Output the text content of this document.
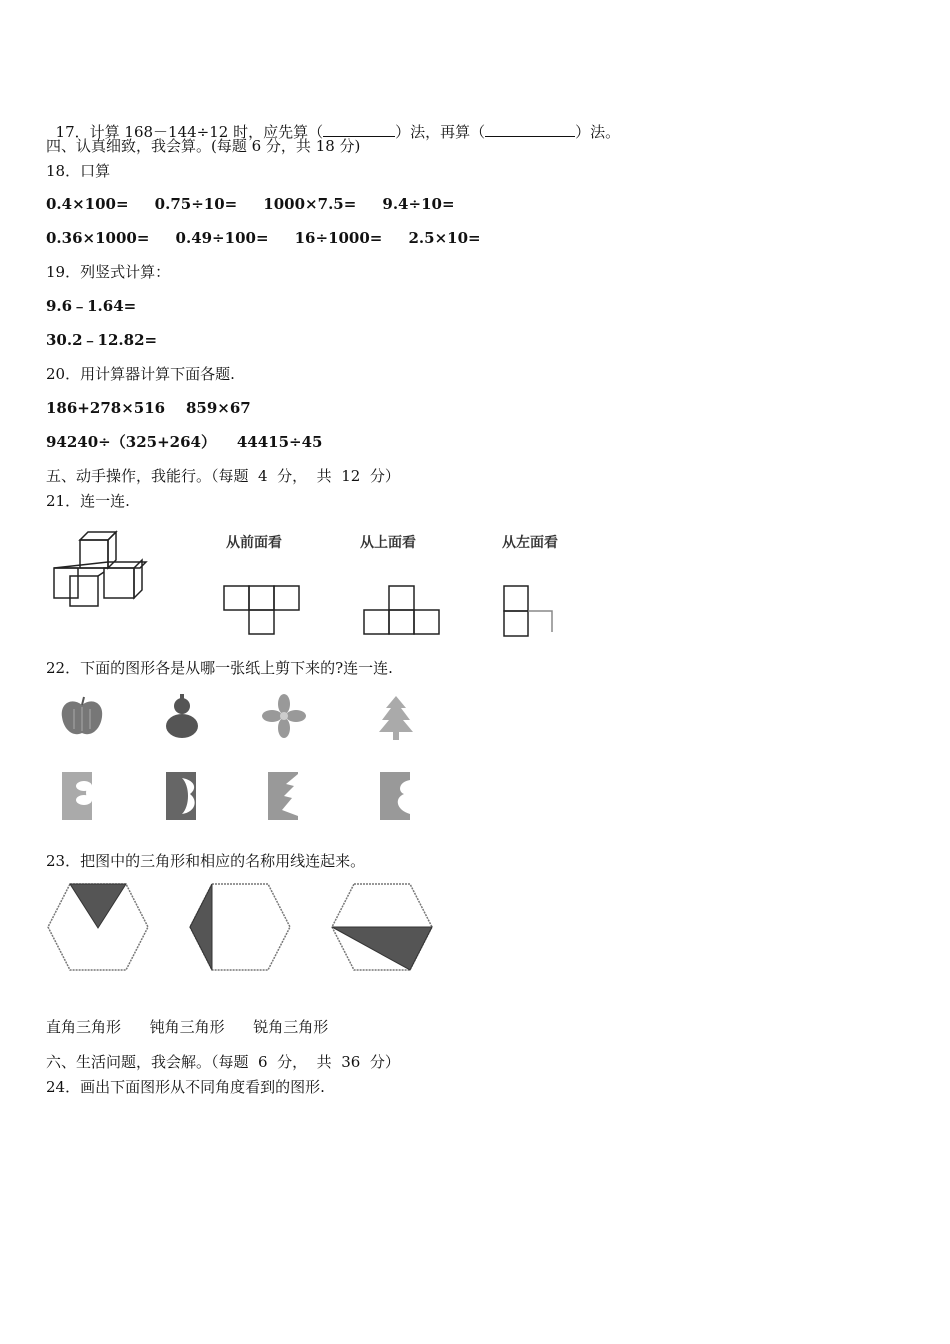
17．计算 168－144÷12 时，应先算（	）法，再算（	）法。

四、认真细致，我会算。(每题 6 分，共 18 分)
18．口算
0.4×100=     0.75÷10=     1000×7.5=     9.4÷10=
0.36×1000=     0.49÷100=     16÷1000=     2.5×10=
19．列竖式计算：
9.6﹣1.64=
30.2﹣12.82=
20．用计算器计算下面各题.
186+278×516    859×67
94240÷（325+264）    44415÷45
五、动手操作，我能行。（每题  4  分，  共  12  分）
21．连一连.
从前面看	从上面看	从左面看
22．下面的图形各是从哪一张纸上剪下来的?连一连.
23．把图中的三角形和相应的名称用线连起来。
直角三角形      钝角三角形      锐角三角形
六、生活问题，我会解。（每题  6  分，  共  36  分）
24．画出下面图形从不同角度看到的图形.
